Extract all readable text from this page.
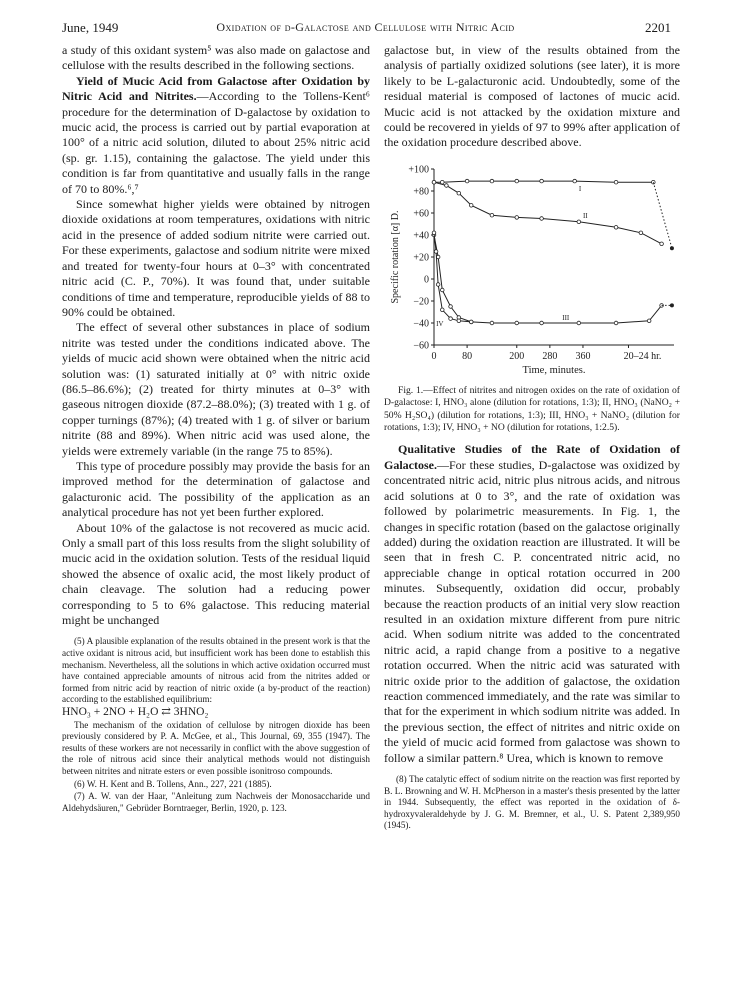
June, 1949	Oxidation of d-Galactose and Cellulose with Nitric Acid	2201

a study of this oxidant system⁵ was also made on galactose and cellulose with the results described in the following sections.

Yield of Mucic Acid from Galactose after Oxidation by Nitric Acid and Nitrites.—According to the Tollens-Kent⁶ procedure for the determination of D-galactose by oxidation to mucic acid, the process is carried out by partial evaporation at 100° of a nitric acid solution, diluted to about 25% nitric acid (sp. gr. 1.15), containing the galactose. The yield under this condition is far from quantitative and usually falls in the range of 70 to 80%.⁶,⁷

Since somewhat higher yields were obtained by nitrogen dioxide oxidations at room temperatures, oxidations with nitric acid in the presence of added sodium nitrite were carried out. For these experiments, galactose and sodium nitrite were mixed and treated for twenty-four hours at 0–3° with concentrated nitric acid (C. P., 70%). It was found that, under suitable conditions of time and temperature, reproducible yields of 88 to 90% could be obtained.

The effect of several other substances in place of sodium nitrite was tested under the conditions indicated above. The yields of mucic acid shown were obtained when the nitric acid solution was: (1) saturated initially at 0° with nitric oxide (86.5–86.6%); (2) treated for thirty minutes at 0–3° with gaseous nitrogen dioxide (87.2–88.0%); (3) treated with 1 g. of copper turnings (87%); (4) treated with 1 g. of silver or barium nitrite (88 and 89%). When nitric acid was used alone, the yields were extremely variable (in the range 75 to 85%).

This type of procedure possibly may provide the basis for an improved method for the determination of galactose and galacturonic acid. The possibility of the application as an analytical procedure has not yet been further explored.

About 10% of the galactose is not recovered as mucic acid. Only a small part of this loss results from the slight solubility of mucic acid in the oxidation solution. Tests of the residual liquid showed the absence of oxalic acid, the most likely product of chain cleavage. The solution had a reducing power corresponding to 5 to 6% galactose. This reducing material might be unchanged

(5) A plausible explanation of the results obtained in the present work is that the active oxidant is nitrous acid, but insufficient work has been done to establish this mechanism. Nevertheless, all the solutions in which active oxidation occurred must have contained appreciable amounts of nitrous acid from the nitrites added or formed from nitric acid by reaction of nitric oxide (a by-product of the reaction) according to the established equilibrium:

HNO₃ + 2NO + H₂O ⇄ 3HNO₂

The mechanism of the oxidation of cellulose by nitrogen dioxide has been previously considered by P. A. McGee, et al., This Journal, 69, 355 (1947). The results of these workers are not necessarily in conflict with the above suggestion of the role of nitrous acid since their analytical methods would not distinguish between nitrites and nitrate esters or even possible isonitroso compounds.

(6) W. H. Kent and B. Tollens, Ann., 227, 221 (1885).

(7) A. W. van der Haar, "Anleitung zum Nachweis der Monosaccharide und Aldehydsäuren," Gebrüder Borntraeger, Berlin, 1920, p. 123.

galactose but, in view of the results obtained from the analysis of partially oxidized solutions (see later), it is more likely to be L-galacturonic acid. Undoubtedly, some of the residual material is composed of lactones of mucic acid. Mucic acid is not attacked by the oxidation mixture and could be recovered in yields of 97 to 99% after application of the oxidation procedure described above.

+100
+80
+60
+40
+20
0
−20
−40
−60
0	80	200 280 360	20–24 hr.
Time, minutes.
Specific rotation [α] D.
I
II
III
IV

Fig. 1.—Effect of nitrites and nitrogen oxides on the rate of oxidation of D-galactose: I, HNO₃ alone (dilution for rotations, 1:3); II, HNO₃ (NaNO₂ + 50% H₂SO₄) (dilution for rotations, 1:3); III, HNO₃ + NaNO₂ (dilution for rotations, 1:3); IV, HNO₃ + NO (dilution for rotations, 1:2.5).

Qualitative Studies of the Rate of Oxidation of Galactose.—For these studies, D-galactose was oxidized by concentrated nitric acid, nitric plus nitrous acids, and nitrous acid solutions at 0 to 3°, and the rate of oxidation was followed by polarimetric measurements. In Fig. 1, the changes in specific rotation (based on the galactose originally added) during the oxidation reaction are illustrated. It will be seen that in fresh C. P. concentrated nitric acid, no appreciable change in optical rotation occurred in 200 minutes. Subsequently, oxidation did occur, probably because the reaction products of an initial very slow reaction resulted in an oxidation mixture different from pure nitric acid. When sodium nitrite was added to the concentrated nitric acid, a rapid change from a positive to a negative rotation occurred. When the nitric acid was saturated with nitric oxide prior to the addition of galactose, the oxidation reaction commenced immediately, and the rate was similar to that for the experiment in which sodium nitrite was added. In the previous section, the effect of nitrites and nitric oxide on the yield of mucic acid formed from galactose was shown to follow a similar pattern.⁸ Urea, which is known to remove

(8) The catalytic effect of sodium nitrite on the reaction was first reported by B. L. Browning and W. H. McPherson in a master's thesis presented by the latter in 1944. Subsequently, the effect was reported in the oxidation of δ-hydroxyvaleraldehyde by J. G. M. Bremner, et al., U. S. Patent 2,389,950 (1945).
